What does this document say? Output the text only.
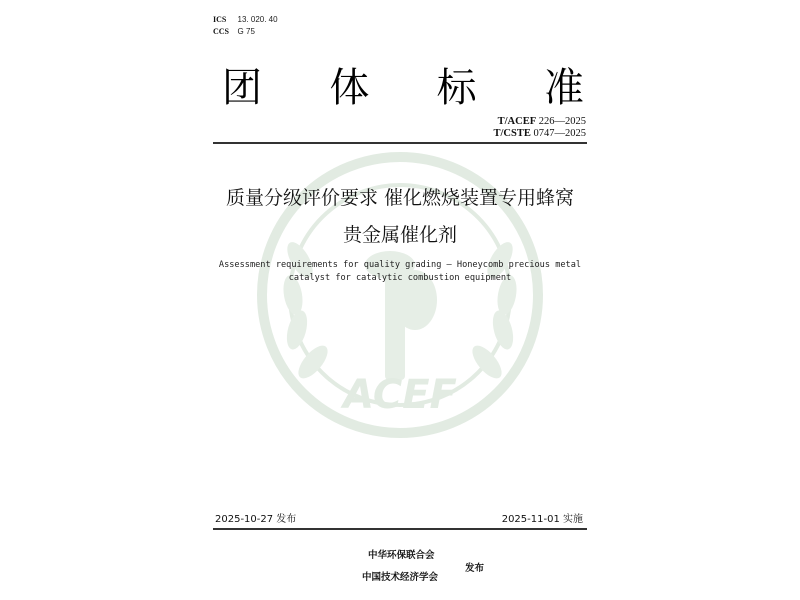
ACEF
ICS 13. 020. 40
CCS G 75
团 体 标 准
T/ACEF 226—2025
T/CSTE 0747—2025
质量分级评价要求 催化燃烧装置专用蜂窝
贵金属催化剂
Assessment requirements for quality grading — Honeycomb precious metal
catalyst for catalytic combustion equipment
2025-10-27 发布	2025-11-01 实施
中华环保联合会
中国技术经济学会
发布
